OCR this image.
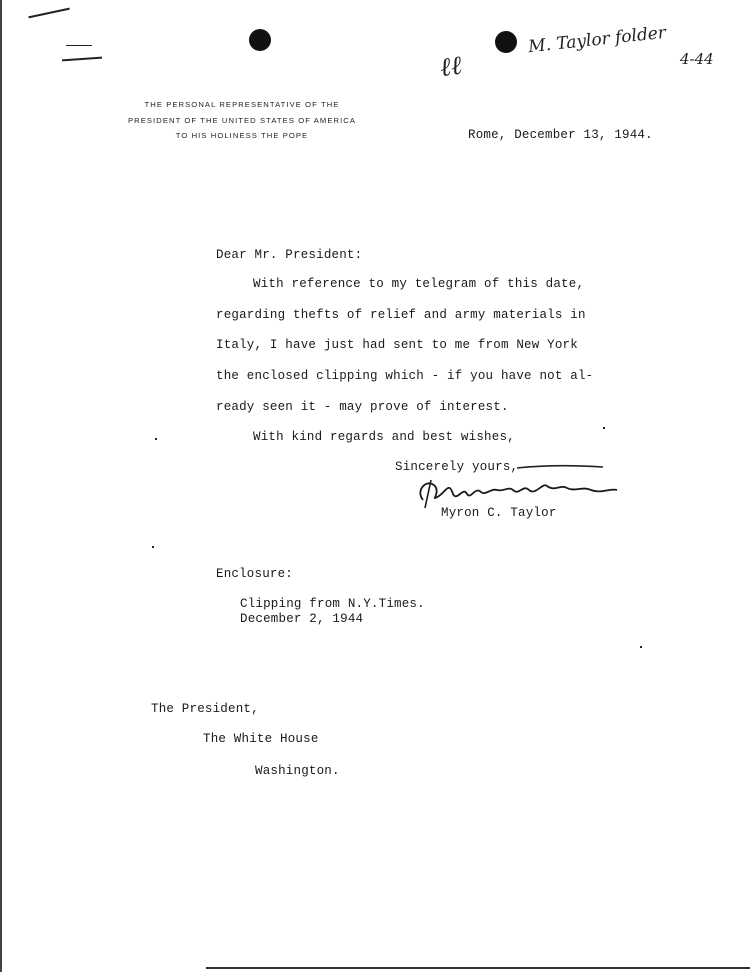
ℓℓ
M. Taylor folder
4-44
THE PERSONAL REPRESENTATIVE OF THE
PRESIDENT OF THE UNITED STATES OF AMERICA
TO HIS HOLINESS THE POPE	Rome, December 13, 1944.
Dear Mr. President:
With reference to my telegram of this date,
regarding thefts of relief and army materials in
Italy, I have just had sent to me from New York
the enclosed clipping which - if you have not al-
ready seen it - may prove of interest.
With kind regards and best wishes,
Sincerely yours,
Myron C. Taylor
Enclosure:
Clipping from N.Y.Times.
December 2, 1944
The President,
The White House
Washington.
